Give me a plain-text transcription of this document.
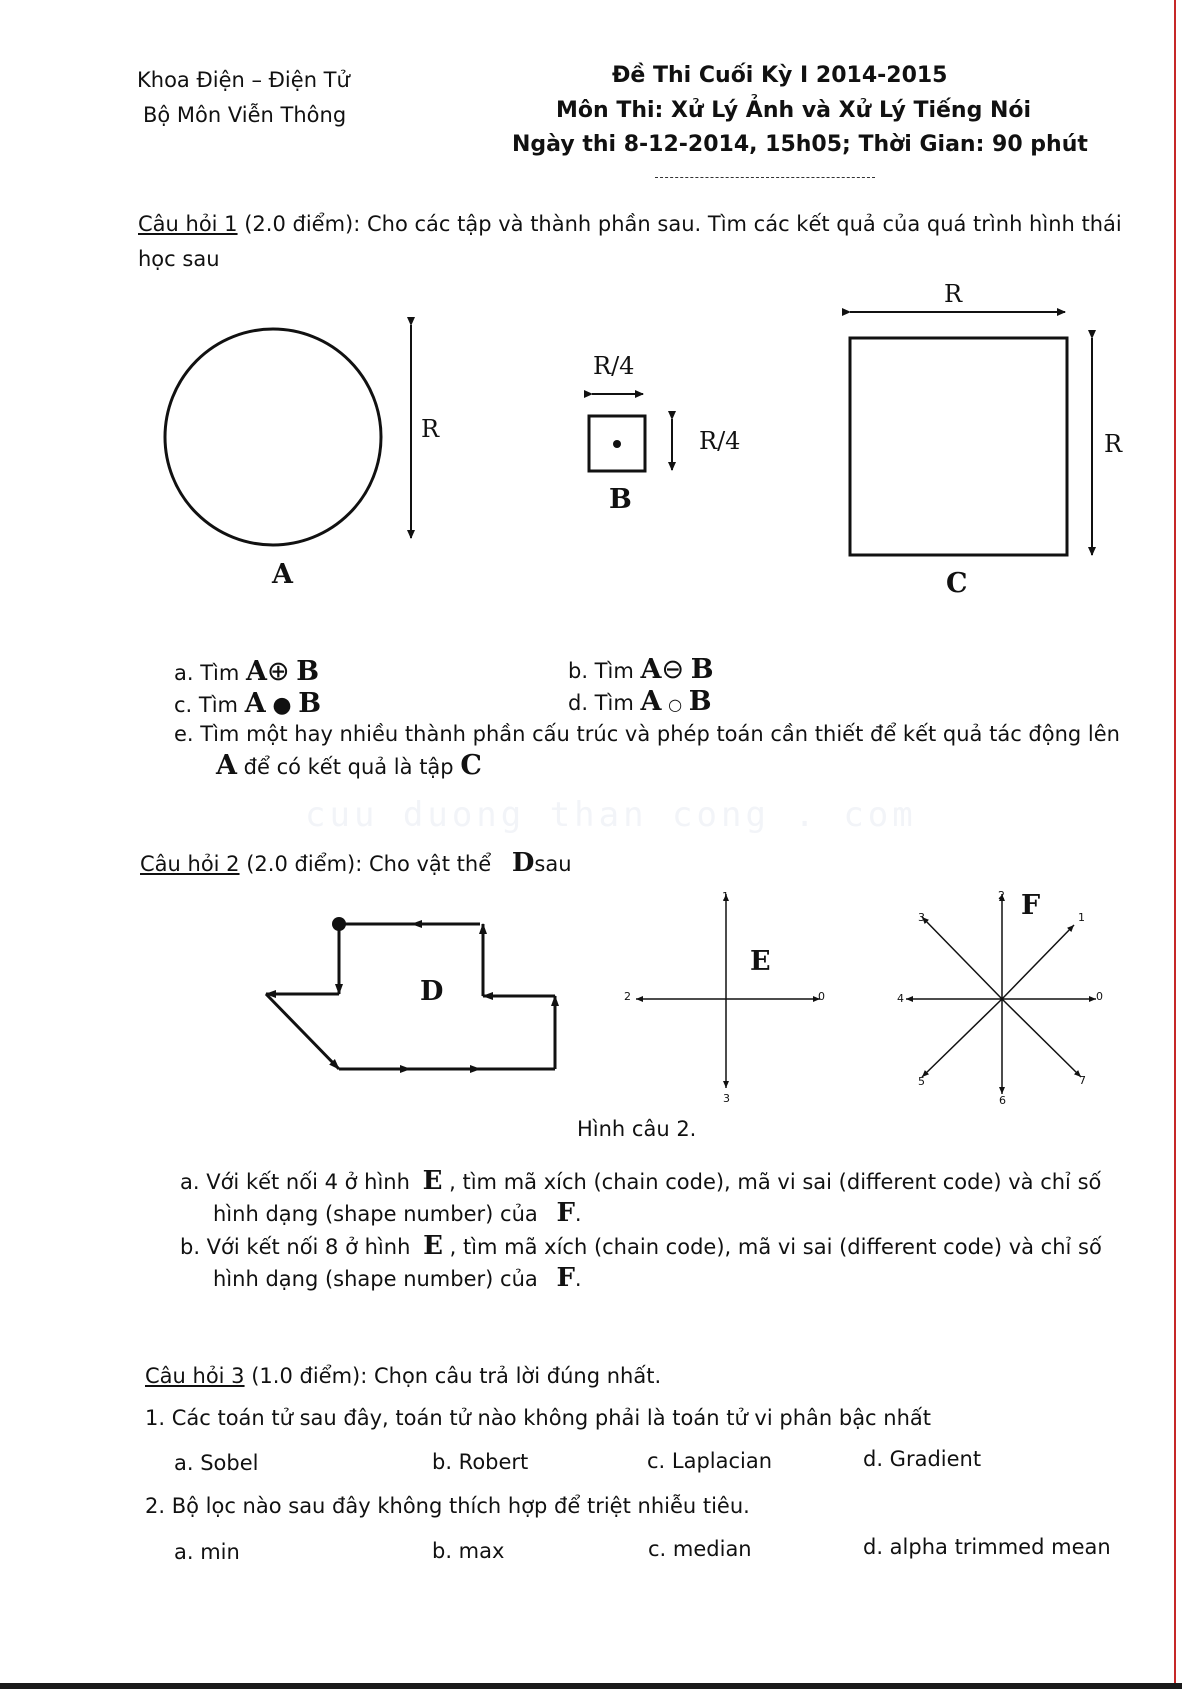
Khoa Điện – Điện Tử
Bộ Môn Viễn Thông
Đề Thi Cuối Kỳ I 2014-2015
Môn Thi: Xử Lý Ảnh và Xử Lý Tiếng Nói
Ngày thi 8-12-2014, 15h05; Thời Gian: 90 phút
Câu hỏi 1 (2.0 điểm): Cho các tập và thành phần sau. Tìm các kết quả của quá trình hình thái
học sau
R
A
R/4
R/4
B
R
R
C
a. Tìm A⊕ B	b. Tìm A⊖ B
c. Tìm A ● B	d. Tìm A ○ B
e. Tìm một hay nhiều thành phần cấu trúc và phép toán cần thiết để kết quả tác động lên
A để có kết quả là tập C
cuu duong than cong . com
Câu hỏi 2 (2.0 điểm): Cho vật thể Dsau
D
E
F
0
1
2
3
0
1
2
3
4
5
6
7
Hình câu 2.
a. Với kết nối 4 ở hình E , tìm mã xích (chain code), mã vi sai (different code) và chỉ số
hình dạng (shape number) của F.
b. Với kết nối 8 ở hình E , tìm mã xích (chain code), mã vi sai (different code) và chỉ số
hình dạng (shape number) của F.
Câu hỏi 3 (1.0 điểm): Chọn câu trả lời đúng nhất.
1. Các toán tử sau đây, toán tử nào không phải là toán tử vi phân bậc nhất
a. Sobel	b. Robert	c. Laplacian	d. Gradient
2. Bộ lọc nào sau đây không thích hợp để triệt nhiễu tiêu.
a. min	b. max	c. median	d. alpha trimmed mean
